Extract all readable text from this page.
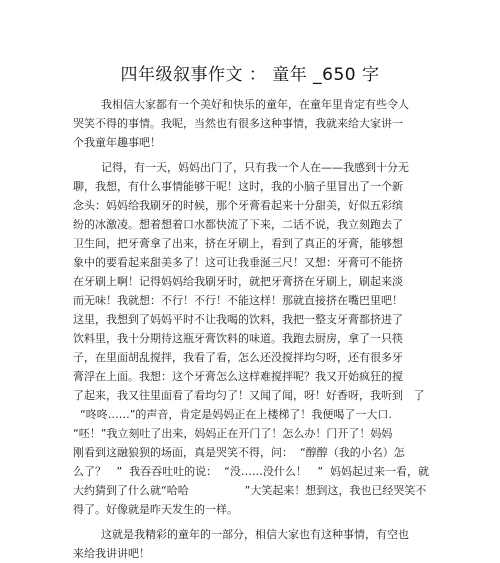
四年级叙事作文 ： 童年 _650 字
我相信大家都有一个美好和快乐的童年，在童年里肯定有些令人
哭笑不得的事情。我呢，当然也有很多这种事情，我就来给大家讲一
个我童年趣事吧！
记得，有一天，妈妈出门了，只有我一个人在——我感到十分无
聊，我想，有什么事情能够干呢！这时，我的小脑子里冒出了一个新
念头：妈妈给我刷牙的时候，那个牙膏看起来十分甜美，好似五彩缤
纷的冰激凌。想着想着口水都快流了下来，二话不说，我立刻跑去了
卫生间，把牙膏拿了出来，挤在牙刷上，看到了真正的牙膏，能够想
象中的要看起来甜美多了！这可让我垂涎三尺！又想：牙膏可不能挤
在牙刷上啊！记得妈妈给我刷牙时，就把牙膏挤在牙刷上，刷起来淡
而无味！我就想：不行！不行！不能这样！那就直接挤在嘴巴里吧！
这里，我想到了妈妈平时不让我喝的饮料，我把一整支牙膏都挤进了
饮料里，我十分期待这瓶牙膏饮料的味道。我跑去厨房，拿了一只筷
子，在里面胡乱搅拌，我看了看，怎么还没搅拌均匀呀，还有很多牙
膏浮在上面。我想：这个牙膏怎么这样难搅拌呢？我又开始疯狂的搅
了起来，我又往里面看了看均匀了！又闻了闻，呀！好香呀，我听到   了
“咚咚……”的声音，肯定是妈妈正在上楼梯了！我便喝了一大口.
“呸！”我立刻吐了出来，妈妈正在开门了！怎么办！门开了！妈妈
刚看到这融狼狈的场面，真是哭笑不得，问：  “醇醇（我的小名）怎
么了？   ”  我吞吞吐吐的说：  “没……没什么！   ”  妈妈起过来一看，就
大约猜到了什么就“哈哈                ”大笑起来！想到这，我也已经哭笑不
得了。好像就是昨天发生的一样。
这就是我精彩的童年的一部分，相信大家也有这种事情，有空也
来给我讲讲吧！
